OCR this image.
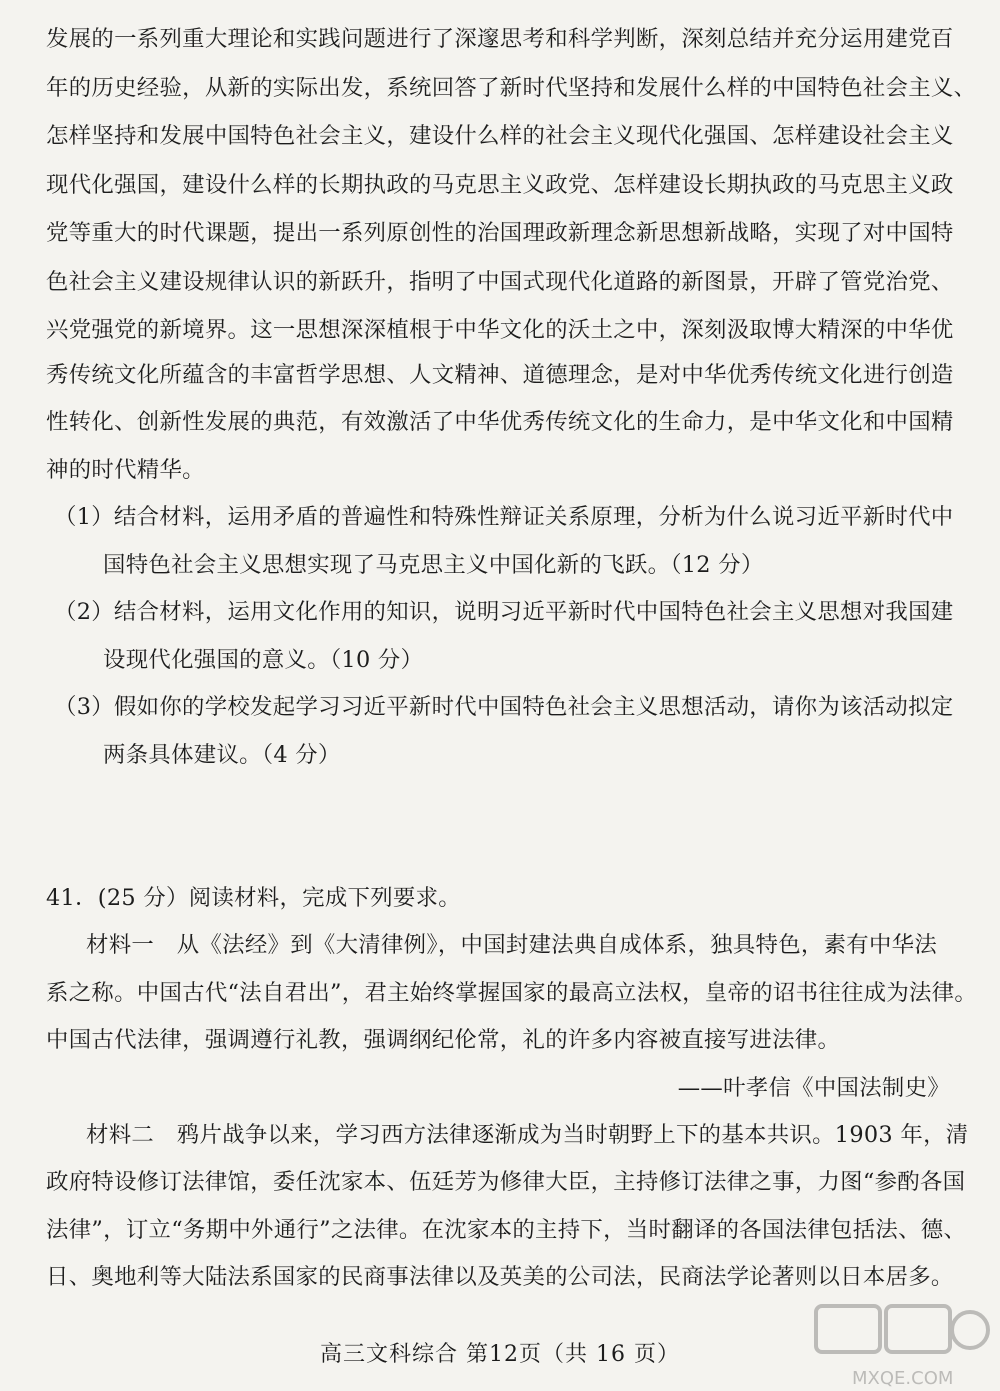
发展的一系列重大理论和实践问题进行了深邃思考和科学判断，深刻总结并充分运用建党百
年的历史经验，从新的实际出发，系统回答了新时代坚持和发展什么样的中国特色社会主义、
怎样坚持和发展中国特色社会主义，建设什么样的社会主义现代化强国、怎样建设社会主义
现代化强国，建设什么样的长期执政的马克思主义政党、怎样建设长期执政的马克思主义政
党等重大的时代课题，提出一系列原创性的治国理政新理念新思想新战略，实现了对中国特
色社会主义建设规律认识的新跃升，指明了中国式现代化道路的新图景，开辟了管党治党、
兴党强党的新境界。这一思想深深植根于中华文化的沃土之中，深刻汲取博大精深的中华优
秀传统文化所蕴含的丰富哲学思想、人文精神、道德理念，是对中华优秀传统文化进行创造
性转化、创新性发展的典范，有效激活了中华优秀传统文化的生命力，是中华文化和中国精
神的时代精华。
（1）结合材料，运用矛盾的普遍性和特殊性辩证关系原理，分析为什么说习近平新时代中
国特色社会主义思想实现了马克思主义中国化新的飞跃。（12 分）
（2）结合材料，运用文化作用的知识，说明习近平新时代中国特色社会主义思想对我国建
设现代化强国的意义。（10 分）
（3）假如你的学校发起学习习近平新时代中国特色社会主义思想活动，请你为该活动拟定
两条具体建议。（4 分）
41．(25 分）阅读材料，完成下列要求。
材料一　从《法经》到《大清律例》，中国封建法典自成体系，独具特色，素有中华法
系之称。中国古代“法自君出”，君主始终掌握国家的最高立法权，皇帝的诏书往往成为法律。
中国古代法律，强调遵行礼教，强调纲纪伦常，礼的许多内容被直接写进法律。
——叶孝信《中国法制史》
材料二　鸦片战争以来，学习西方法律逐渐成为当时朝野上下的基本共识。1903 年，清
政府特设修订法律馆，委任沈家本、伍廷芳为修律大臣，主持修订法律之事，力图“参酌各国
法律”，订立“务期中外通行”之法律。在沈家本的主持下，当时翻译的各国法律包括法、德、
日、奥地利等大陆法系国家的民商事法律以及英美的公司法，民商法学论著则以日本居多。
高三文科综合 第12页（共 16 页）
MXQE.COM
